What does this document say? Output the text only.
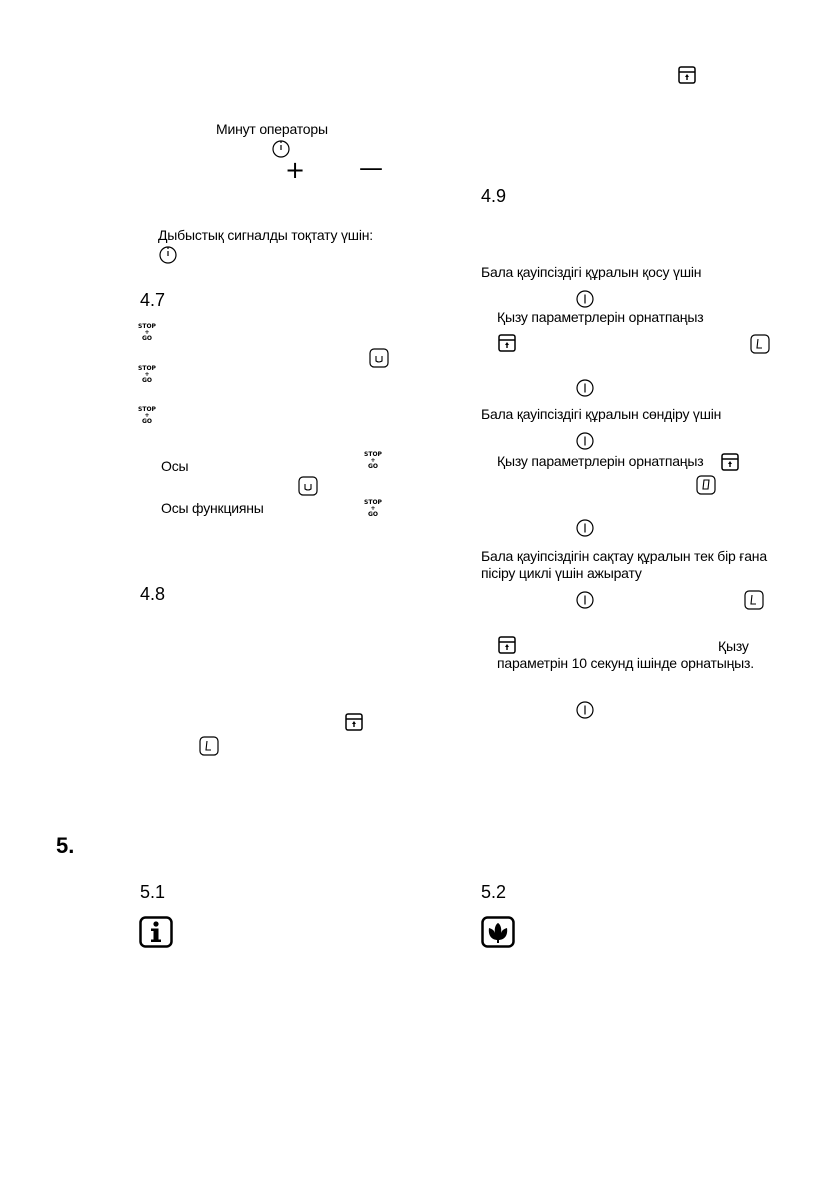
Минут операторы
+ —
Дыбыстық сигналды тоқтату үшін:
4.7
STOP
+
GO
STOP
+
GO
STOP
+
GO
Осы
STOP
+
GO
Осы функцияны	STOP
+
GO
4.8
4.9
Бала қауіпсіздігі құралын қосу үшін
Қызу параметрлерін орнатпаңыз
Бала қауіпсіздігі құралын сөндіру үшін
Қызу параметрлерін орнатпаңыз
Бала қауіпсіздігін сақтау құралын тек бір ғана
пісіру циклі үшін ажырату
Қызу
параметрін 10 секунд ішінде орнатыңыз.
5.
5.1	5.2
